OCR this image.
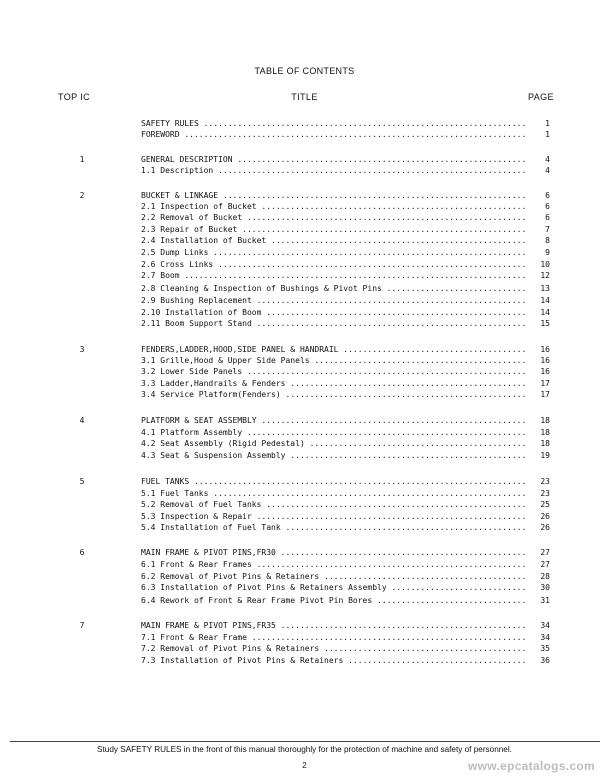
TABLE OF CONTENTS
TOP IC	TITLE	PAGE
SAFETY RULES .....	1
FOREWORD .....	1
1	GENERAL DESCRIPTION .....	4
1.1 Description .....	4
2	BUCKET & LINKAGE .....	6
2.1 Inspection of Bucket .....	6
2.2 Removal of Bucket .....	6
2.3 Repair of Bucket .....	7
2.4 Installation of Bucket .....	8
2.5 Dump Links .....	9
2.6 Cross Links .....	10
2.7 Boom .....	12
2.8 Cleaning & Inspection of Bushings & Pivot Pins .....	13
2.9 Bushing Replacement .....	14
2.10 Installation of Boom .....	14
2.11 Boom Support Stand .....	15
3	FENDERS,LADDER,HOOD,SIDE PANEL & HANDRAIL .....	16
3.1 Grille,Hood & Upper Side Panels .....	16
3.2 Lower Side Panels .....	16
3.3 Ladder,Handrails & Fenders .....	17
3.4 Service Platform(Fenders) .....	17
4	PLATFORM & SEAT ASSEMBLY .....	18
4.1 Platform Assembly .....	18
4.2 Seat Assembly (Rigid Pedestal) .....	18
4.3 Seat & Suspension Assembly .....	19
5	FUEL TANKS .....	23
5.1 Fuel Tanks .....	23
5.2 Removal of Fuel Tanks .....	25
5.3 Inspection & Repair .....	26
5.4 Installation of Fuel Tank .....	26
6	MAIN FRAME & PIVOT PINS,FR30 .....	27
6.1 Front & Rear Frames .....	27
6.2 Removal of Pivot Pins & Retainers .....	28
6.3 Installation of Pivot Pins & Retainers Assembly .....	30
6.4 Rework of Front & Rear Frame Pivot Pin Bores .....	31
7	MAIN FRAME & PIVOT PINS,FR35 .....	34
7.1 Front & Rear Frame .....	34
7.2 Removal of Pivot Pins & Retainers .....	35
7.3 Installation of Pivot Pins & Retainers .....	36
Study SAFETY RULES in the front of this manual thoroughly for the protection of machine and safety of personnel.
2	www.epcatalogs.com
